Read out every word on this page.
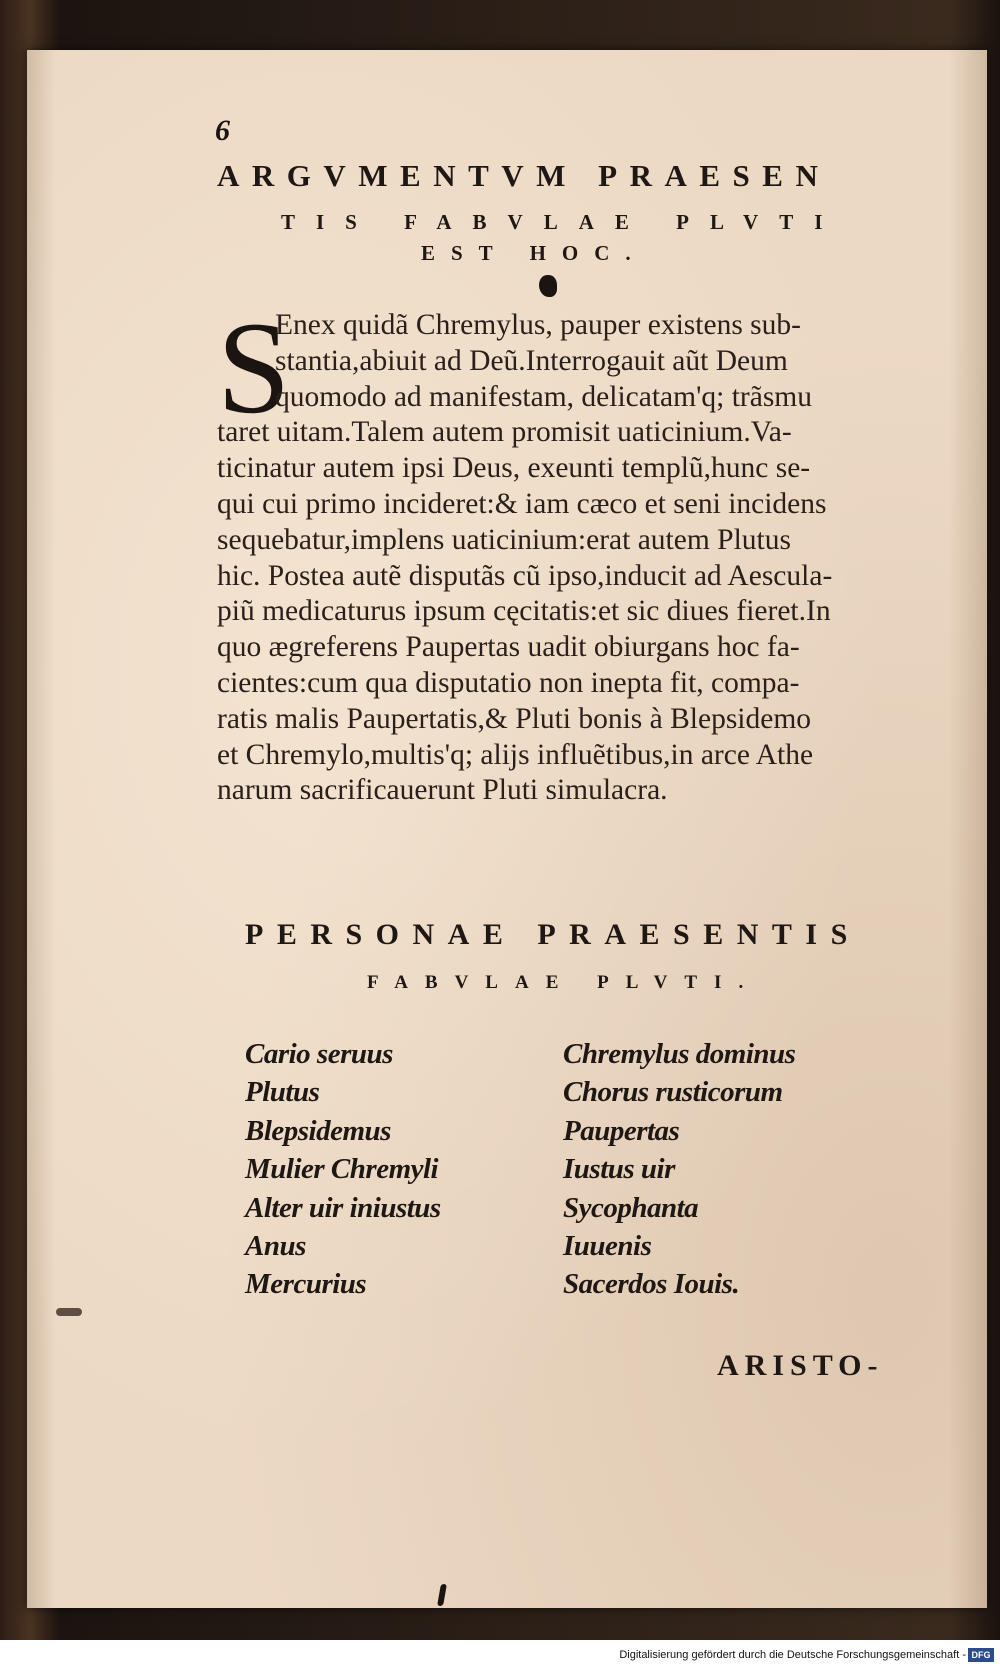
6
ARGVMENTVM PRAESEN
TIS FABVLAE PLVTI
EST HOC.
S

Enex quidã Chremylus, pauper existens sub-
stantia,abiuit ad Deũ.Interrogauit aũt Deum
quomodo ad manifestam, delicatam'q; trãsmu
taret uitam.Talem autem promisit uaticinium.Va-
ticinatur autem ipsi Deus, exeunti templũ,hunc se-
qui cui primo incideret:& iam cæco et seni incidens
sequebatur,implens uaticinium:erat autem Plutus
hic. Postea autẽ disputãs cũ ipso,inducit ad Aescula-
piũ medicaturus ipsum cęcitatis:et sic diues fieret.In
quo ægreferens Paupertas uadit obiurgans hoc fa-
cientes:cum qua disputatio non inepta fit, compa-
ratis malis Paupertatis,& Pluti bonis à Blepsidemo
et Chremylo,multis'q; alijs influẽtibus,in arce Athe
narum sacrificauerunt Pluti simulacra.

PERSONAE PRAESENTIS
FABVLAE PLVTI.
Cario seruus
Plutus
Blepsidemus
Mulier Chremyli
Alter uir iniustus
Anus
Mercurius
Chremylus dominus
Chorus rusticorum
Paupertas
Iustus uir
Sycophanta
Iuuenis
Sacerdos Iouis.
ARISTO-
Digitalisierung gefördert durch die Deutsche Forschungsgemeinschaft - DFG
